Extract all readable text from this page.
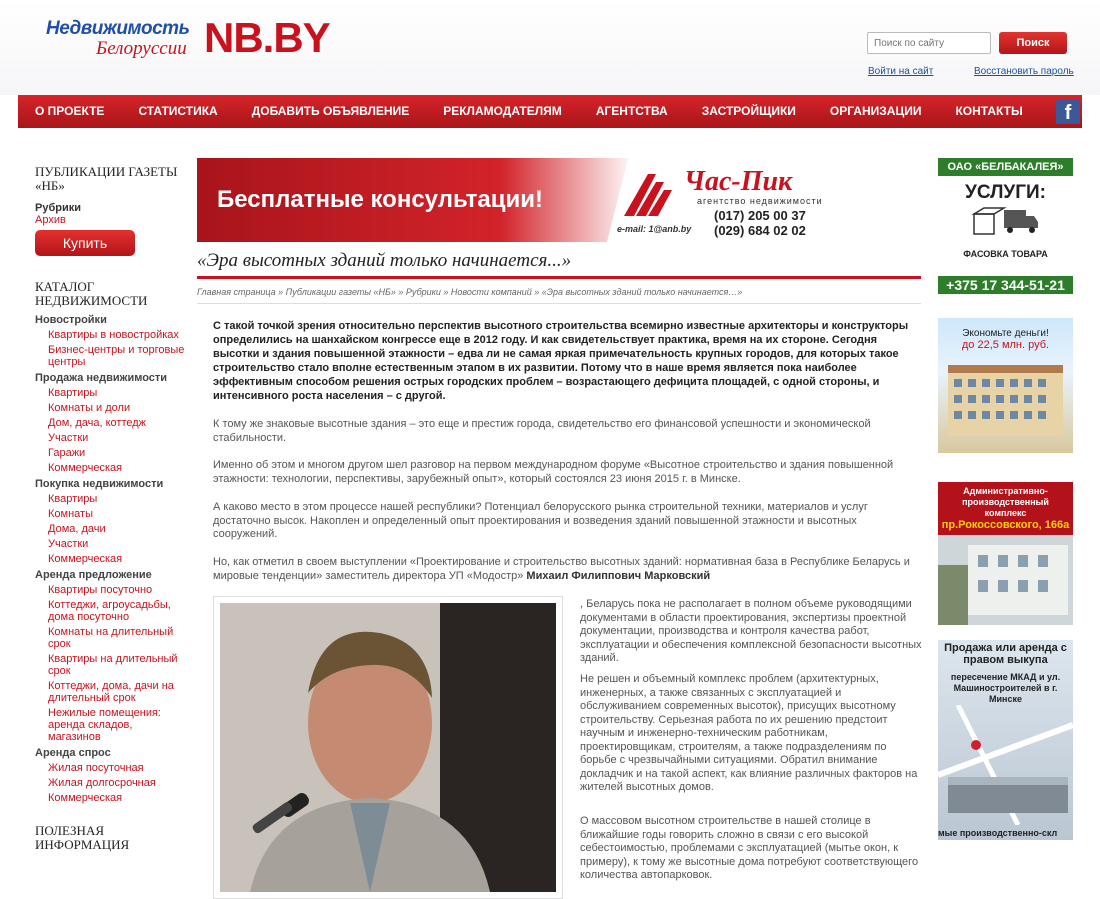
Недвижимость
Белоруссии NB.BY
Поиск по сайту	Поиск
Войти на сайт	Восстановить пароль
О ПРОЕКТЕ	СТАТИСТИКА	ДОБАВИТЬ ОБЪЯВЛЕНИЕ	РЕКЛАМОДАТЕЛЯМ	АГЕНТСТВА	ЗАСТРОЙЩИКИ	ОРГАНИЗАЦИИ	КОНТАКТЫ	f
ПУБЛИКАЦИИ ГАЗЕТЫ «НБ»
Рубрики
Архив
Купить
КАТАЛОГ НЕДВИЖИМОСТИ
Новостройки
Квартиры в новостройках
Бизнес-центры и торговые центры
Продажа недвижимости
Квартиры
Комнаты и доли
Дом, дача, коттедж
Участки
Гаражи
Коммерческая
Покупка недвижимости
Квартиры
Комнаты
Дома, дачи
Участки
Коммерческая
Аренда предложение
Квартиры посуточно
Коттеджи, агроусадьбы, дома посуточно
Комнаты на длительный срок
Квартиры на длительный срок
Коттеджи, дома, дачи на длительный срок
Нежилые помещения: аренда складов, магазинов
Аренда спрос
Жилая посуточная
Жилая долгосрочная
Коммерческая
ПОЛЕЗНАЯ ИНФОРМАЦИЯ
Бесплатные консультации!
Час-Пик
агентство недвижимости
(017) 205 00 37
(029) 684 02 02
e-mail: 1@anb.by
«Эра высотных зданий только начинается...»
Главная страница » Публикации газеты «НБ» » Рубрики » Новости компаний » «Эра высотных зданий только начинается…»
С такой точкой зрения относительно перспектив высотного строительства всемирно известные архитекторы и конструкторы определились на шанхайском конгрессе еще в 2012 году. И как свидетельствует практика, время на их стороне. Сегодня высотки и здания повышенной этажности – едва ли не самая яркая примечательность крупных городов, для которых такое строительство стало вполне естественным этапом в их развитии. Потому что в наше время является пока наиболее эффективным способом решения острых городских проблем – возрастающего дефицита площадей, с одной стороны, и интенсивного роста населения – с другой.
К тому же знаковые высотные здания – это еще и престиж города, свидетельство его финансовой успешности и экономической стабильности.
Именно об этом и многом другом шел разговор на первом международном форуме «Высотное строительство и здания повышенной этажности: технологии, перспективы, зарубежный опыт», который состоялся 23 июня 2015 г. в Минске.
А каково место в этом процессе нашей республики? Потенциал белорусского рынка строительной техники, материалов и услуг достаточно высок. Накоплен и определенный опыт проектирования и возведения зданий повышенной этажности и высотных сооружений.
Но, как отметил в своем выступлении «Проектирование и строительство высотных зданий: нормативная база в Республике Беларусь и мировые тенденции» заместитель директора УП «Модостр» Михаил Филиппович Марковский
, Беларусь пока не располагает в полном объеме руководящими документами в области проектирования, экспертизы проектной документации, производства и контроля качества работ, эксплуатации и обеспечения комплексной безопасности высотных зданий.
Не решен и объемный комплекс проблем (архитектурных, инженерных, а также связанных с эксплуатацией и обслуживанием современных высоток), присущих высотному строительству. Серьезная работа по их решению предстоит научным и инженерно-техническим работникам, проектировщикам, строителям, а также подразделениям по борьбе с чрезвычайными ситуациями. Обратил внимание докладчик и на такой аспект, как влияние различных факторов на жителей высотных домов.
О массовом высотном строительстве в нашей столице в ближайшие годы говорить сложно в связи с его высокой себестоимостью, проблемами с эксплуатацией (мытье окон, к примеру), к тому же высотные дома потребуют соответствующего количества автопарковок.
ОАО «БЕЛБАКАЛЕЯ»
УСЛУГИ:
ФАСОВКА ТОВАРА
+375 17 344-51-21
Экономьте деньги!
до 22,5 млн. руб.
Административно-производственный комплекс
пр.Рокоссовского, 166а
Продажа или аренда с правом выкупа
пересечение МКАД и ул. Машиностроителей в г. Минске
мые производственно-скл
